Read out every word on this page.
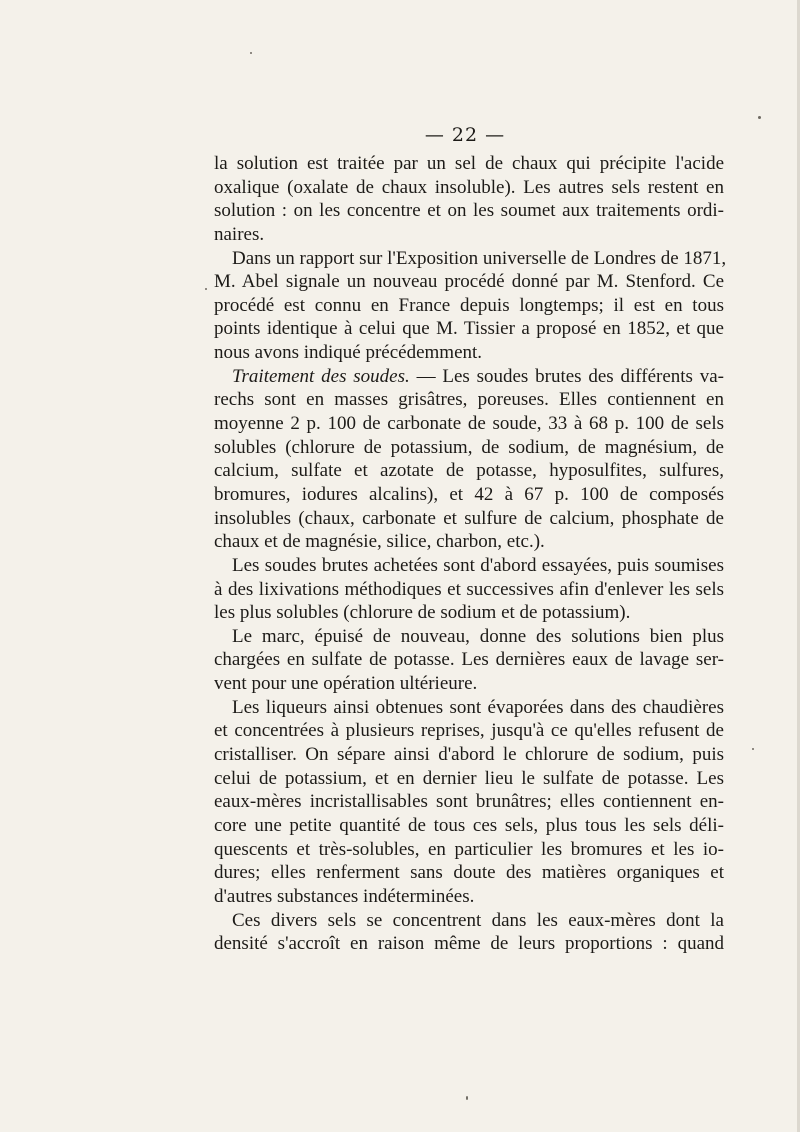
— 22 —
la solution est traitée par un sel de chaux qui précipite l'acide
oxalique (oxalate de chaux insoluble). Les autres sels restent en
solution : on les concentre et on les soumet aux traitements ordi-
naires.
Dans un rapport sur l'Exposition universelle de Londres de 1871,
M. Abel signale un nouveau procédé donné par M. Stenford. Ce
procédé est connu en France depuis longtemps; il est en tous
points identique à celui que M. Tissier a proposé en 1852, et que
nous avons indiqué précédemment.
Traitement des soudes. — Les soudes brutes des différents va-
rechs sont en masses grisâtres, poreuses. Elles contiennent en
moyenne 2 p. 100 de carbonate de soude, 33 à 68 p. 100 de sels
solubles (chlorure de potassium, de sodium, de magnésium, de
calcium, sulfate et azotate de potasse, hyposulfites, sulfures,
bromures, iodures alcalins), et 42 à 67 p. 100 de composés
insolubles (chaux, carbonate et sulfure de calcium, phosphate de
chaux et de magnésie, silice, charbon, etc.).
Les soudes brutes achetées sont d'abord essayées, puis soumises
à des lixivations méthodiques et successives afin d'enlever les sels
les plus solubles (chlorure de sodium et de potassium).
Le marc, épuisé de nouveau, donne des solutions bien plus
chargées en sulfate de potasse. Les dernières eaux de lavage ser-
vent pour une opération ultérieure.
Les liqueurs ainsi obtenues sont évaporées dans des chaudières
et concentrées à plusieurs reprises, jusqu'à ce qu'elles refusent de
cristalliser. On sépare ainsi d'abord le chlorure de sodium, puis
celui de potassium, et en dernier lieu le sulfate de potasse. Les
eaux-mères incristallisables sont brunâtres; elles contiennent en-
core une petite quantité de tous ces sels, plus tous les sels déli-
quescents et très-solubles, en particulier les bromures et les io-
dures; elles renferment sans doute des matières organiques et
d'autres substances indéterminées.
Ces divers sels se concentrent dans les eaux-mères dont la
densité s'accroît en raison même de leurs proportions : quand
